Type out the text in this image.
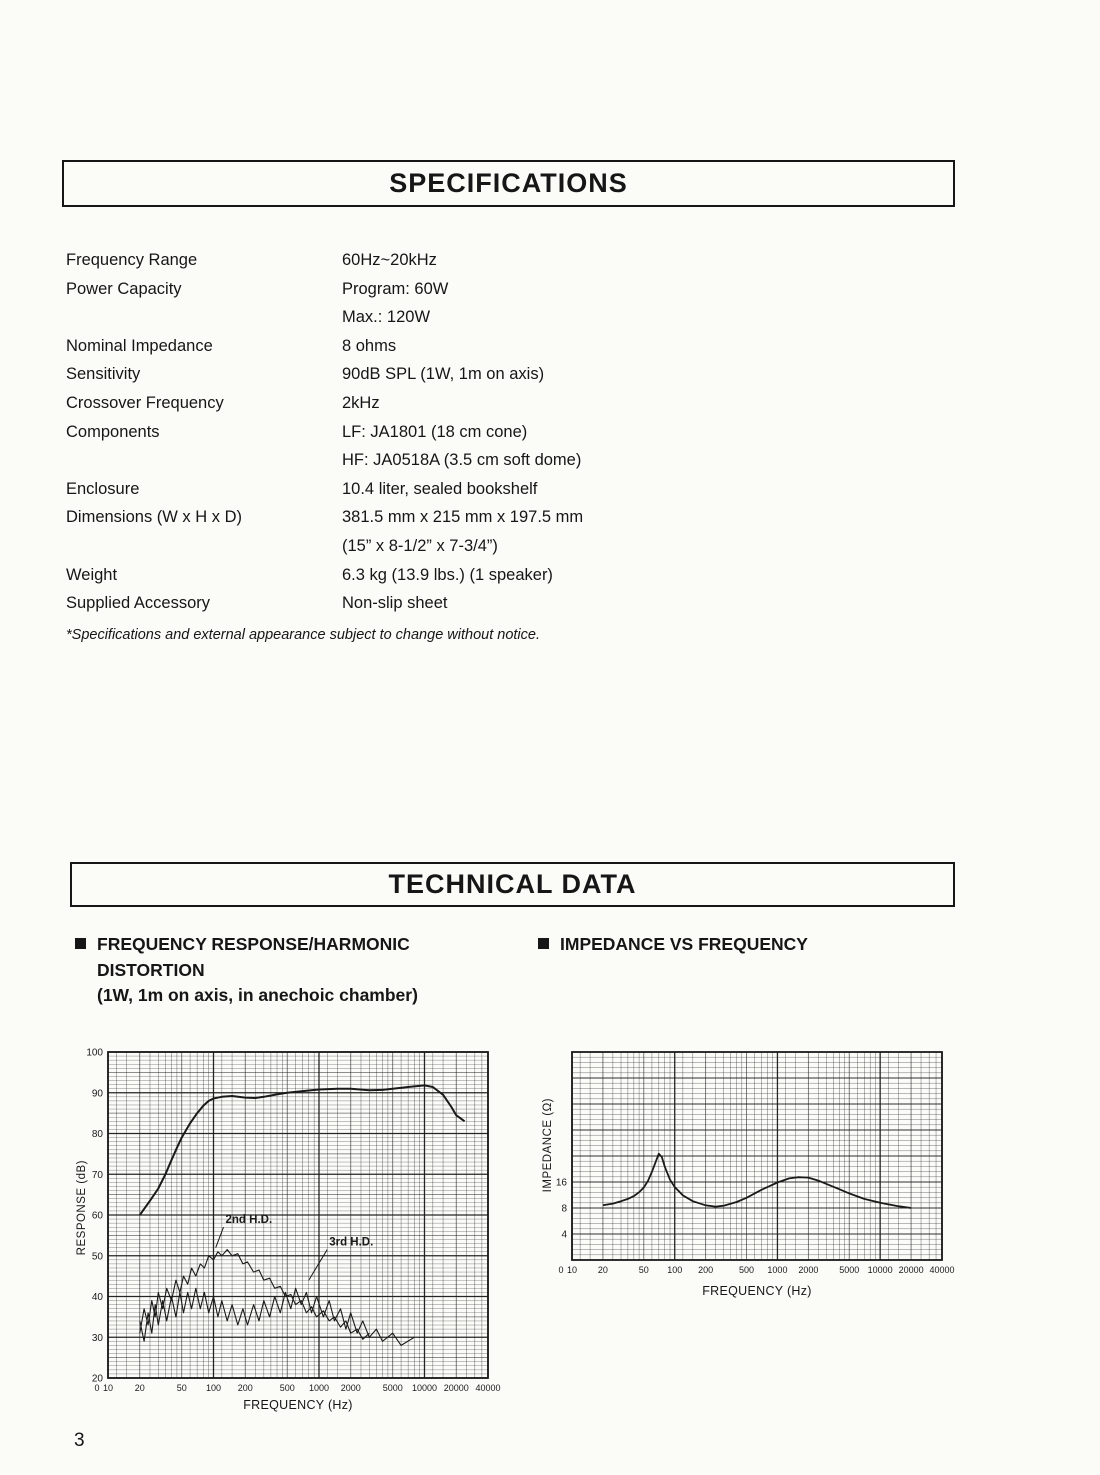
SPECIFICATIONS
Frequency Range	60Hz~20kHz
Power Capacity	Program: 60W
Max.: 120W
Nominal Impedance	8 ohms
Sensitivity	90dB SPL (1W, 1m on axis)
Crossover Frequency	2kHz
Components	LF: JA1801 (18 cm cone)
HF: JA0518A (3.5 cm soft dome)
Enclosure	10.4 liter, sealed bookshelf
Dimensions (W x H x D)	381.5 mm x 215 mm x 197.5 mm
(15” x 8-1/2” x 7-3/4”)
Weight	6.3 kg (13.9 lbs.) (1 speaker)
Supplied Accessory	Non-slip sheet
*Specifications and external appearance subject to change without notice.
TECHNICAL DATA
FREQUENCY RESPONSE/HARMONIC
DISTORTION
(1W, 1m on axis, in anechoic chamber)
IMPEDANCE VS FREQUENCY
RESPONSE (dB)
20
30
40
50
60
70
80
90
100
0 10 20	50 100 200	500 1000 2000 5000 10000 20000 40000
2nd H.D.
3rd H.D.
FREQUENCY (Hz)
IMPEDANCE (Ω)
4
8
16
0 10 20	50 100 200	500 1000 2000 5000 10000 20000 40000
FREQUENCY (Hz)
3
